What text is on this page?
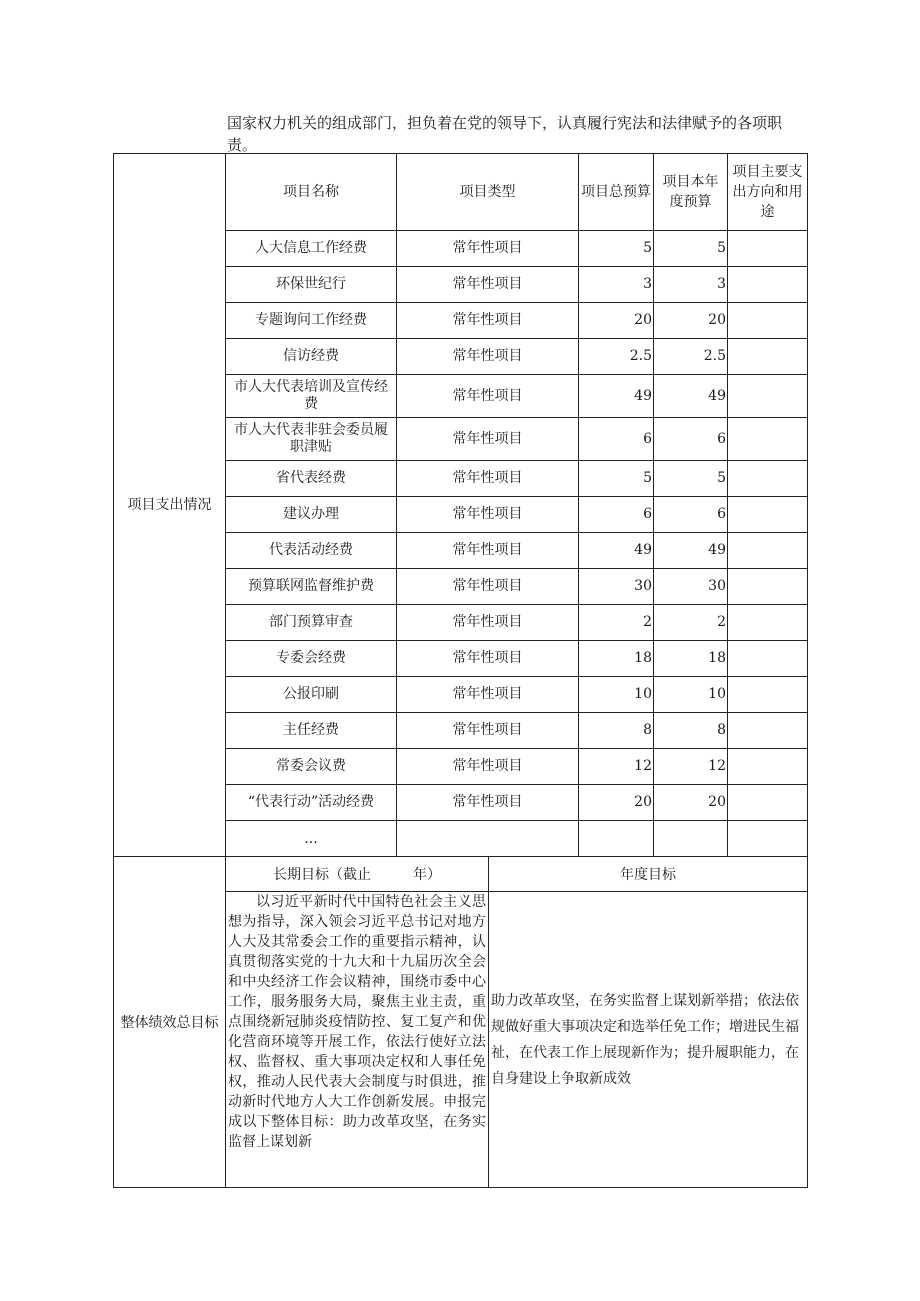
国家权力机关的组成部门，担负着在党的领导下，认真履行宪法和法律赋予的各项职责。
项目支出情况	项目名称	项目类型		项目总预算	项目本年度预算	项目主要支出方向和用途
	人大信息工作经费	常年性项目		5	5	
	环保世纪行	常年性项目		3	3	
	专题询问工作经费	常年性项目		20	20	
	信访经费	常年性项目		2.5	2.5	
	市人大代表培训及宣传经费	常年性项目		49	49	
	市人大代表非驻会委员履职津贴	常年性项目		6	6	
	省代表经费	常年性项目		5	5	
	建议办理	常年性项目		6	6	
	代表活动经费	常年性项目		49	49	
	预算联网监督维护费	常年性项目		30	30	
	部门预算审查	常年性项目		2	2	
	专委会经费	常年性项目		18	18	
	公报印刷	常年性项目		10	10	
	主任经费	常年性项目		8	8	
	常委会议费	常年性项目		12	12	
	“代表行动”活动经费	常年性项目		20	20	
	...					
整体绩效总目标	长期目标（截止　　　年）		年度目标			
	以习近平新时代中国特色社会主义思想为指导，深入领会习近平总书记对地方人大及其常委会工作的重要指示精神，认真贯彻落实党的十九大和十九届历次全会和中央经济工作会议精神，围绕市委中心工作，服务服务大局，聚焦主业主责，重点围绕新冠肺炎疫情防控、复工复产和优化营商环境等开展工作，依法行使好立法权、监督权、重大事项决定权和人事任免权，推动人民代表大会制度与时俱进，推动新时代地方人大工作创新发展。申报完成以下整体目标：助力改革攻坚，在务实监督上谋划新		助力改革攻坚，在务实监督上谋划新举措；依法依规做好重大事项决定和选举任免工作；增进民生福祉，在代表工作上展现新作为；提升履职能力，在自身建设上争取新成效			
